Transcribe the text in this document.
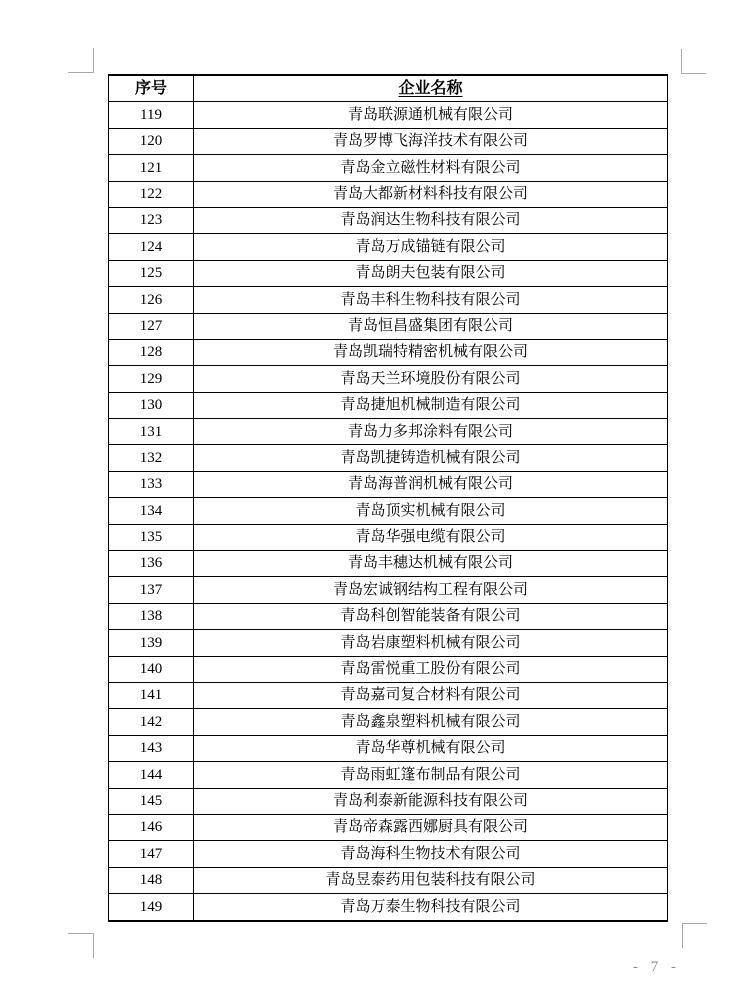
序号	企业名称
119	青岛联源通机械有限公司
120	青岛罗博飞海洋技术有限公司
121	青岛金立磁性材料有限公司
122	青岛大都新材料科技有限公司
123	青岛润达生物科技有限公司
124	青岛万成锚链有限公司
125	青岛朗夫包装有限公司
126	青岛丰科生物科技有限公司
127	青岛恒昌盛集团有限公司
128	青岛凯瑞特精密机械有限公司
129	青岛天兰环境股份有限公司
130	青岛捷旭机械制造有限公司
131	青岛力多邦涂料有限公司
132	青岛凯捷铸造机械有限公司
133	青岛海普润机械有限公司
134	青岛顶实机械有限公司
135	青岛华强电缆有限公司
136	青岛丰穗达机械有限公司
137	青岛宏诚钢结构工程有限公司
138	青岛科创智能装备有限公司
139	青岛岩康塑料机械有限公司
140	青岛雷悦重工股份有限公司
141	青岛嘉司复合材料有限公司
142	青岛鑫泉塑料机械有限公司
143	青岛华尊机械有限公司
144	青岛雨虹篷布制品有限公司
145	青岛利泰新能源科技有限公司
146	青岛帝森露西娜厨具有限公司
147	青岛海科生物技术有限公司
148	青岛昱泰药用包装科技有限公司
149	青岛万泰生物科技有限公司
- 7 -
